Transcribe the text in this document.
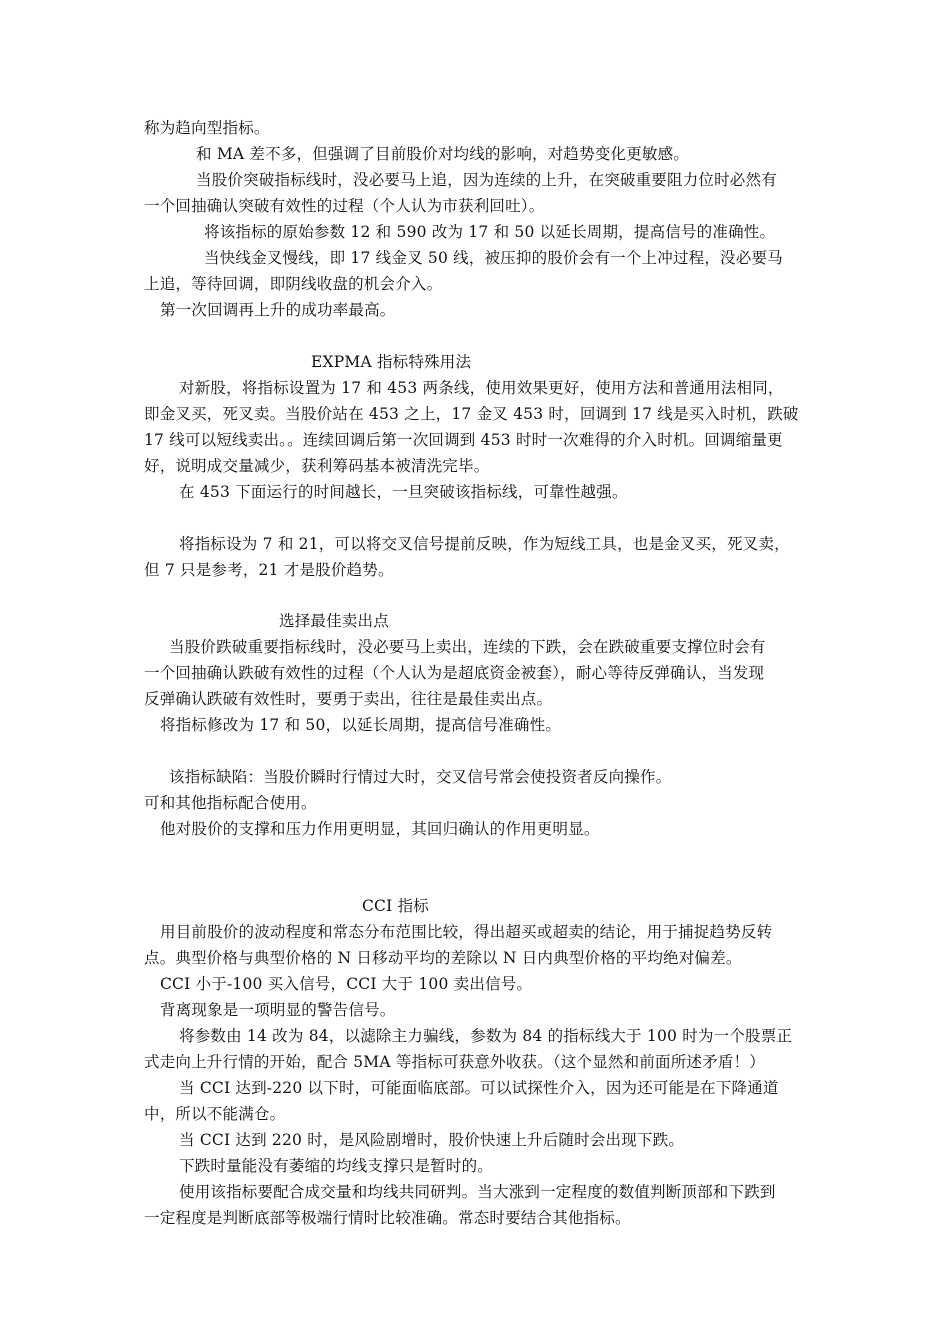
称为趋向型指标。
和 MA 差不多，但强调了目前股价对均线的影响，对趋势变化更敏感。
当股价突破指标线时，没必要马上追，因为连续的上升，在突破重要阻力位时必然有
一个回抽确认突破有效性的过程（个人认为市获利回吐）。
将该指标的原始参数 12 和 590 改为 17 和 50 以延长周期，提高信号的准确性。
当快线金叉慢线，即 17 线金叉 50 线，被压抑的股价会有一个上冲过程，没必要马
上追，等待回调，即阴线收盘的机会介入。
第一次回调再上升的成功率最高。
EXPMA 指标特殊用法
对新股，将指标设置为 17 和 453 两条线，使用效果更好，使用方法和普通用法相同，
即金叉买，死叉卖。当股价站在 453 之上，17 金叉 453 时，回调到 17 线是买入时机，跌破
17 线可以短线卖出。。连续回调后第一次回调到 453 时时一次难得的介入时机。回调缩量更
好，说明成交量减少，获利筹码基本被清洗完毕。
在 453 下面运行的时间越长，一旦突破该指标线，可靠性越强。
将指标设为 7 和 21，可以将交叉信号提前反映，作为短线工具，也是金叉买，死叉卖，
但 7 只是参考，21 才是股价趋势。
选择最佳卖出点
当股价跌破重要指标线时，没必要马上卖出，连续的下跌，会在跌破重要支撑位时会有
一个回抽确认跌破有效性的过程（个人认为是超底资金被套），耐心等待反弹确认，当发现
反弹确认跌破有效性时，要勇于卖出，往往是最佳卖出点。
将指标修改为 17 和 50，以延长周期，提高信号准确性。
该指标缺陷：当股价瞬时行情过大时，交叉信号常会使投资者反向操作。
可和其他指标配合使用。
他对股价的支撑和压力作用更明显，其回归确认的作用更明显。
CCI 指标
用目前股价的波动程度和常态分布范围比较，得出超买或超卖的结论，用于捕捉趋势反转
点。典型价格与典型价格的 N 日移动平均的差除以 N 日内典型价格的平均绝对偏差。
CCI 小于-100 买入信号，CCI 大于 100 卖出信号。
背离现象是一项明显的警告信号。
将参数由 14 改为 84，以滤除主力骗线，参数为 84 的指标线大于 100 时为一个股票正
式走向上升行情的开始，配合 5MA 等指标可获意外收获。（这个显然和前面所述矛盾！）
当 CCI 达到-220 以下时，可能面临底部。可以试探性介入，因为还可能是在下降通道
中，所以不能满仓。
当 CCI 达到 220 时，是风险剧增时，股价快速上升后随时会出现下跌。
下跌时量能没有萎缩的均线支撑只是暂时的。
使用该指标要配合成交量和均线共同研判。当大涨到一定程度的数值判断顶部和下跌到
一定程度是判断底部等极端行情时比较准确。常态时要结合其他指标。
